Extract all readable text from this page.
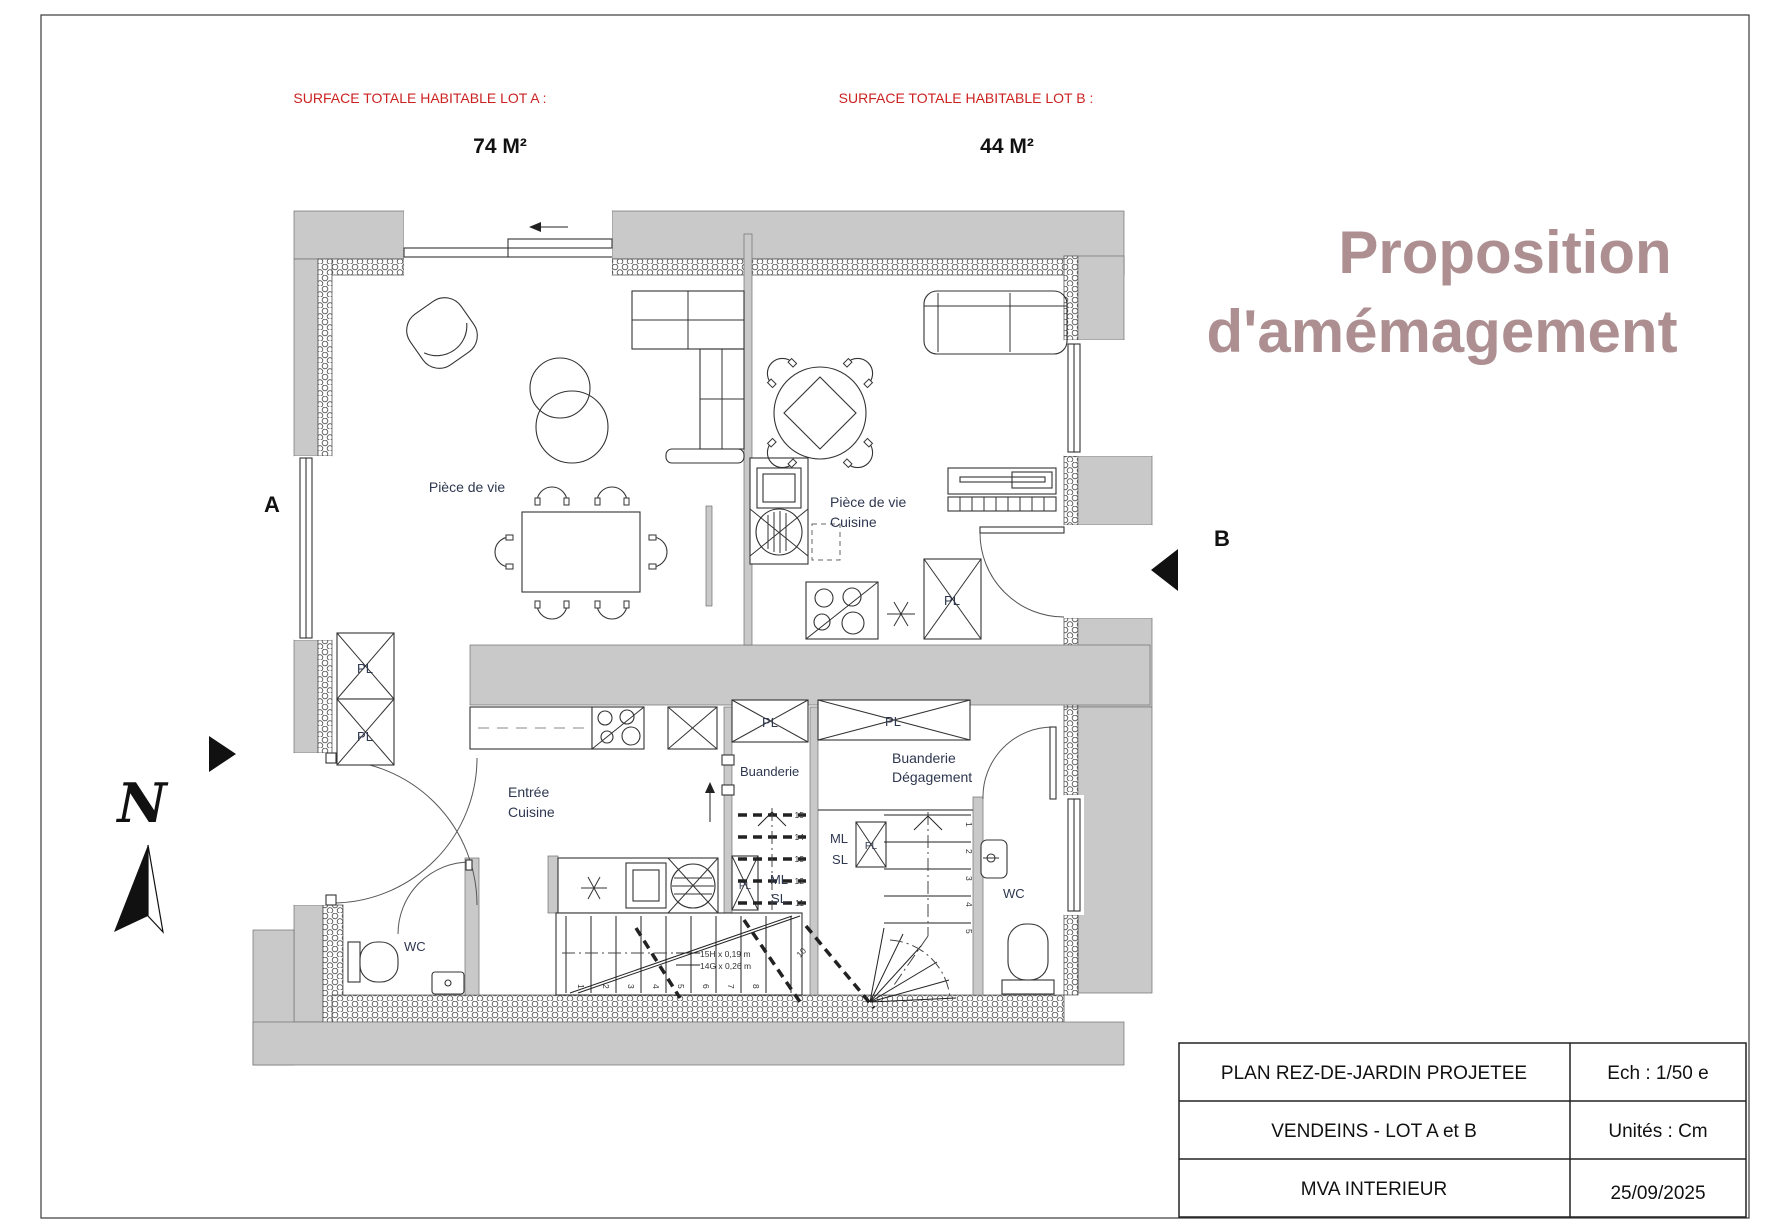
SURFACE TOTALE HABITABLE LOT A :
74 M²
SURFACE TOTALE HABITABLE LOT B :
44 M²
Proposition
d'amémagement
Pièce de vie
Pièce de vie
Cuisine
Entrée
Cuisine
Buanderie
Buanderie
Dégagement
WC
WC
PL
PL
PL	PL
PL
PL
PL
ML
SL
ML
SL
15H x 0,19 m
14G x 0,26 m
15
14
13
12
11
1
2
3
4
5
1 2 3 4 5 6 7 8
10
A
B
N
PLAN REZ-DE-JARDIN PROJETEE	Ech : 1/50 e
VENDEINS - LOT A et B	Unités : Cm
MVA INTERIEUR	25/09/2025
